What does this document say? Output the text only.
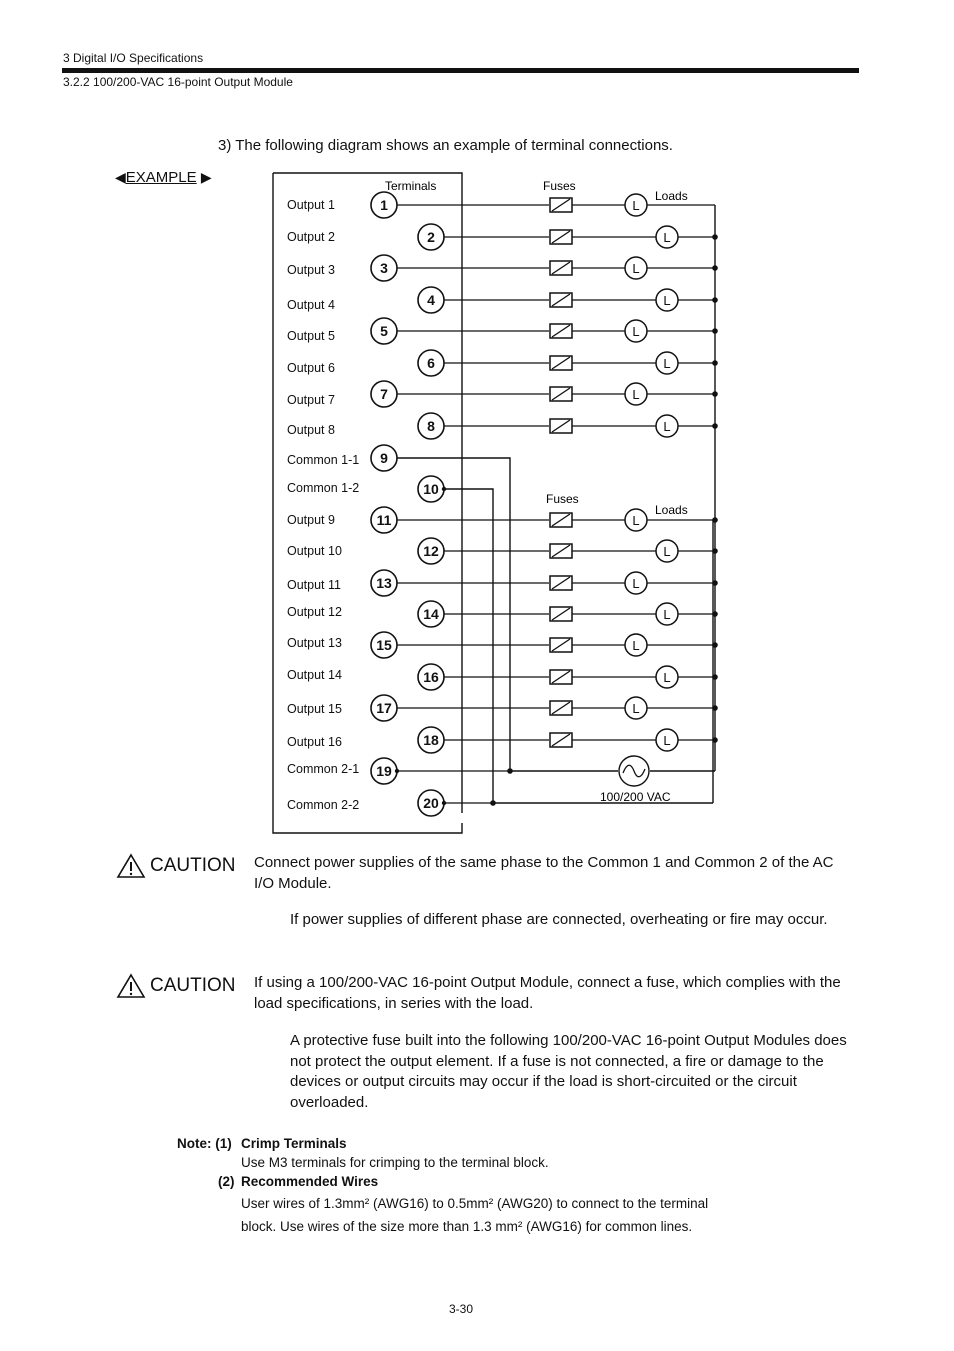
3 Digital I/O Specifications
3.2.2 100/200-VAC 16-point Output Module
3) The following diagram shows an example of terminal connections.
◀EXAMPLE ▶
Output 1	L
1
Output 2	L
2
Output 3	L
3
Output 4	L
4
Output 5	L
5
Output 6	L
6
Output 7	L
7
Output 8	L
8
Common 1-1 9
Common 1-2	10
Output 9	L
11
Output 10	L
12
Output 11	L
13
Output 12	L
14
Output 13	L
15
Output 14	L
16
Output 15	L
17
Output 16	L
18
Common 2-1 19
Common 2-2	20
Terminals	Fuses
Loads
Fuses
Loads
100/200 VAC
CAUTION Connect power supplies of the same phase to the Common 1 and Common 2 of the AC I/O Module.
If power supplies of different phase are connected, overheating or fire may occur.
CAUTION If using a 100/200-VAC 16-point Output Module, connect a fuse, which complies with the load specifications, in series with the load.
A protective fuse built into the following 100/200-VAC 16-point Output Modules does not protect the output element. If a fuse is not connected, a fire or damage to the devices or output circuits may occur if the load is short-circuited or the circuit overloaded.
Note: (1) Crimp Terminals
Use M3 terminals for crimping to the terminal block.
(2) Recommended Wires
User wires of 1.3mm² (AWG16) to 0.5mm² (AWG20) to connect to the terminal
block. Use wires of the size more than 1.3 mm² (AWG16) for common lines.
3-30
